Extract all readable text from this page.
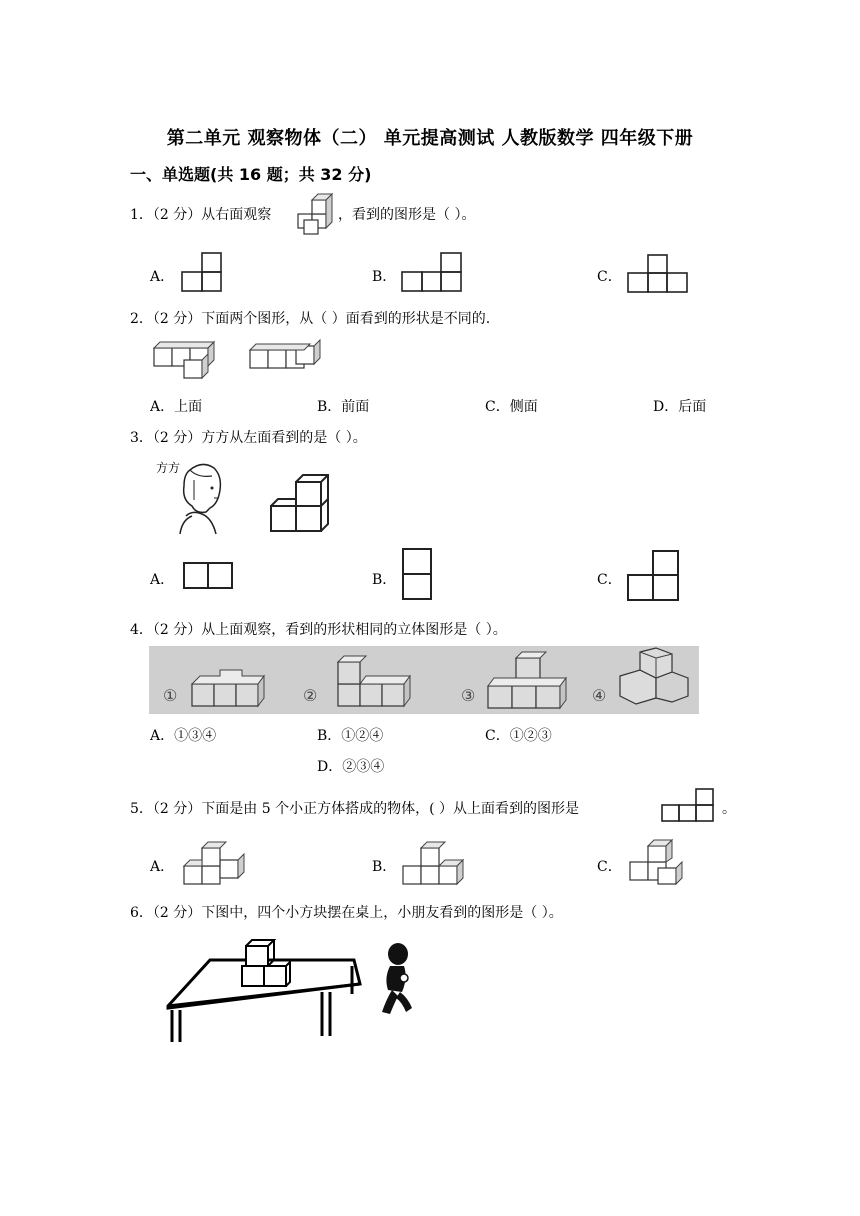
第二单元 观察物体（二） 单元提高测试 人教版数学 四年级下册
一、单选题(共 16 题；共 32 分)
1．（2 分）从右面观察	，看到的图形是（ ）。
A．	B．	C．
2．（2 分）下面两个图形，从（ ）面看到的形状是不同的.
A．上面	B．前面	C．侧面	D．后面
3．（2 分）方方从左面看到的是（ ）。
方方
A．	B．	C．
4．（2 分）从上面观察，看到的形状相同的立体图形是（ ）。
①	②	③	④
A．①③④	B．①②④	C．①②③
D．②③④
5．（2 分）下面是由 5 个小正方体搭成的物体，( ）从上面看到的图形是	。
A．	B．	C．
6．（2 分）下图中，四个小方块摆在桌上，小朋友看到的图形是（ ）。
